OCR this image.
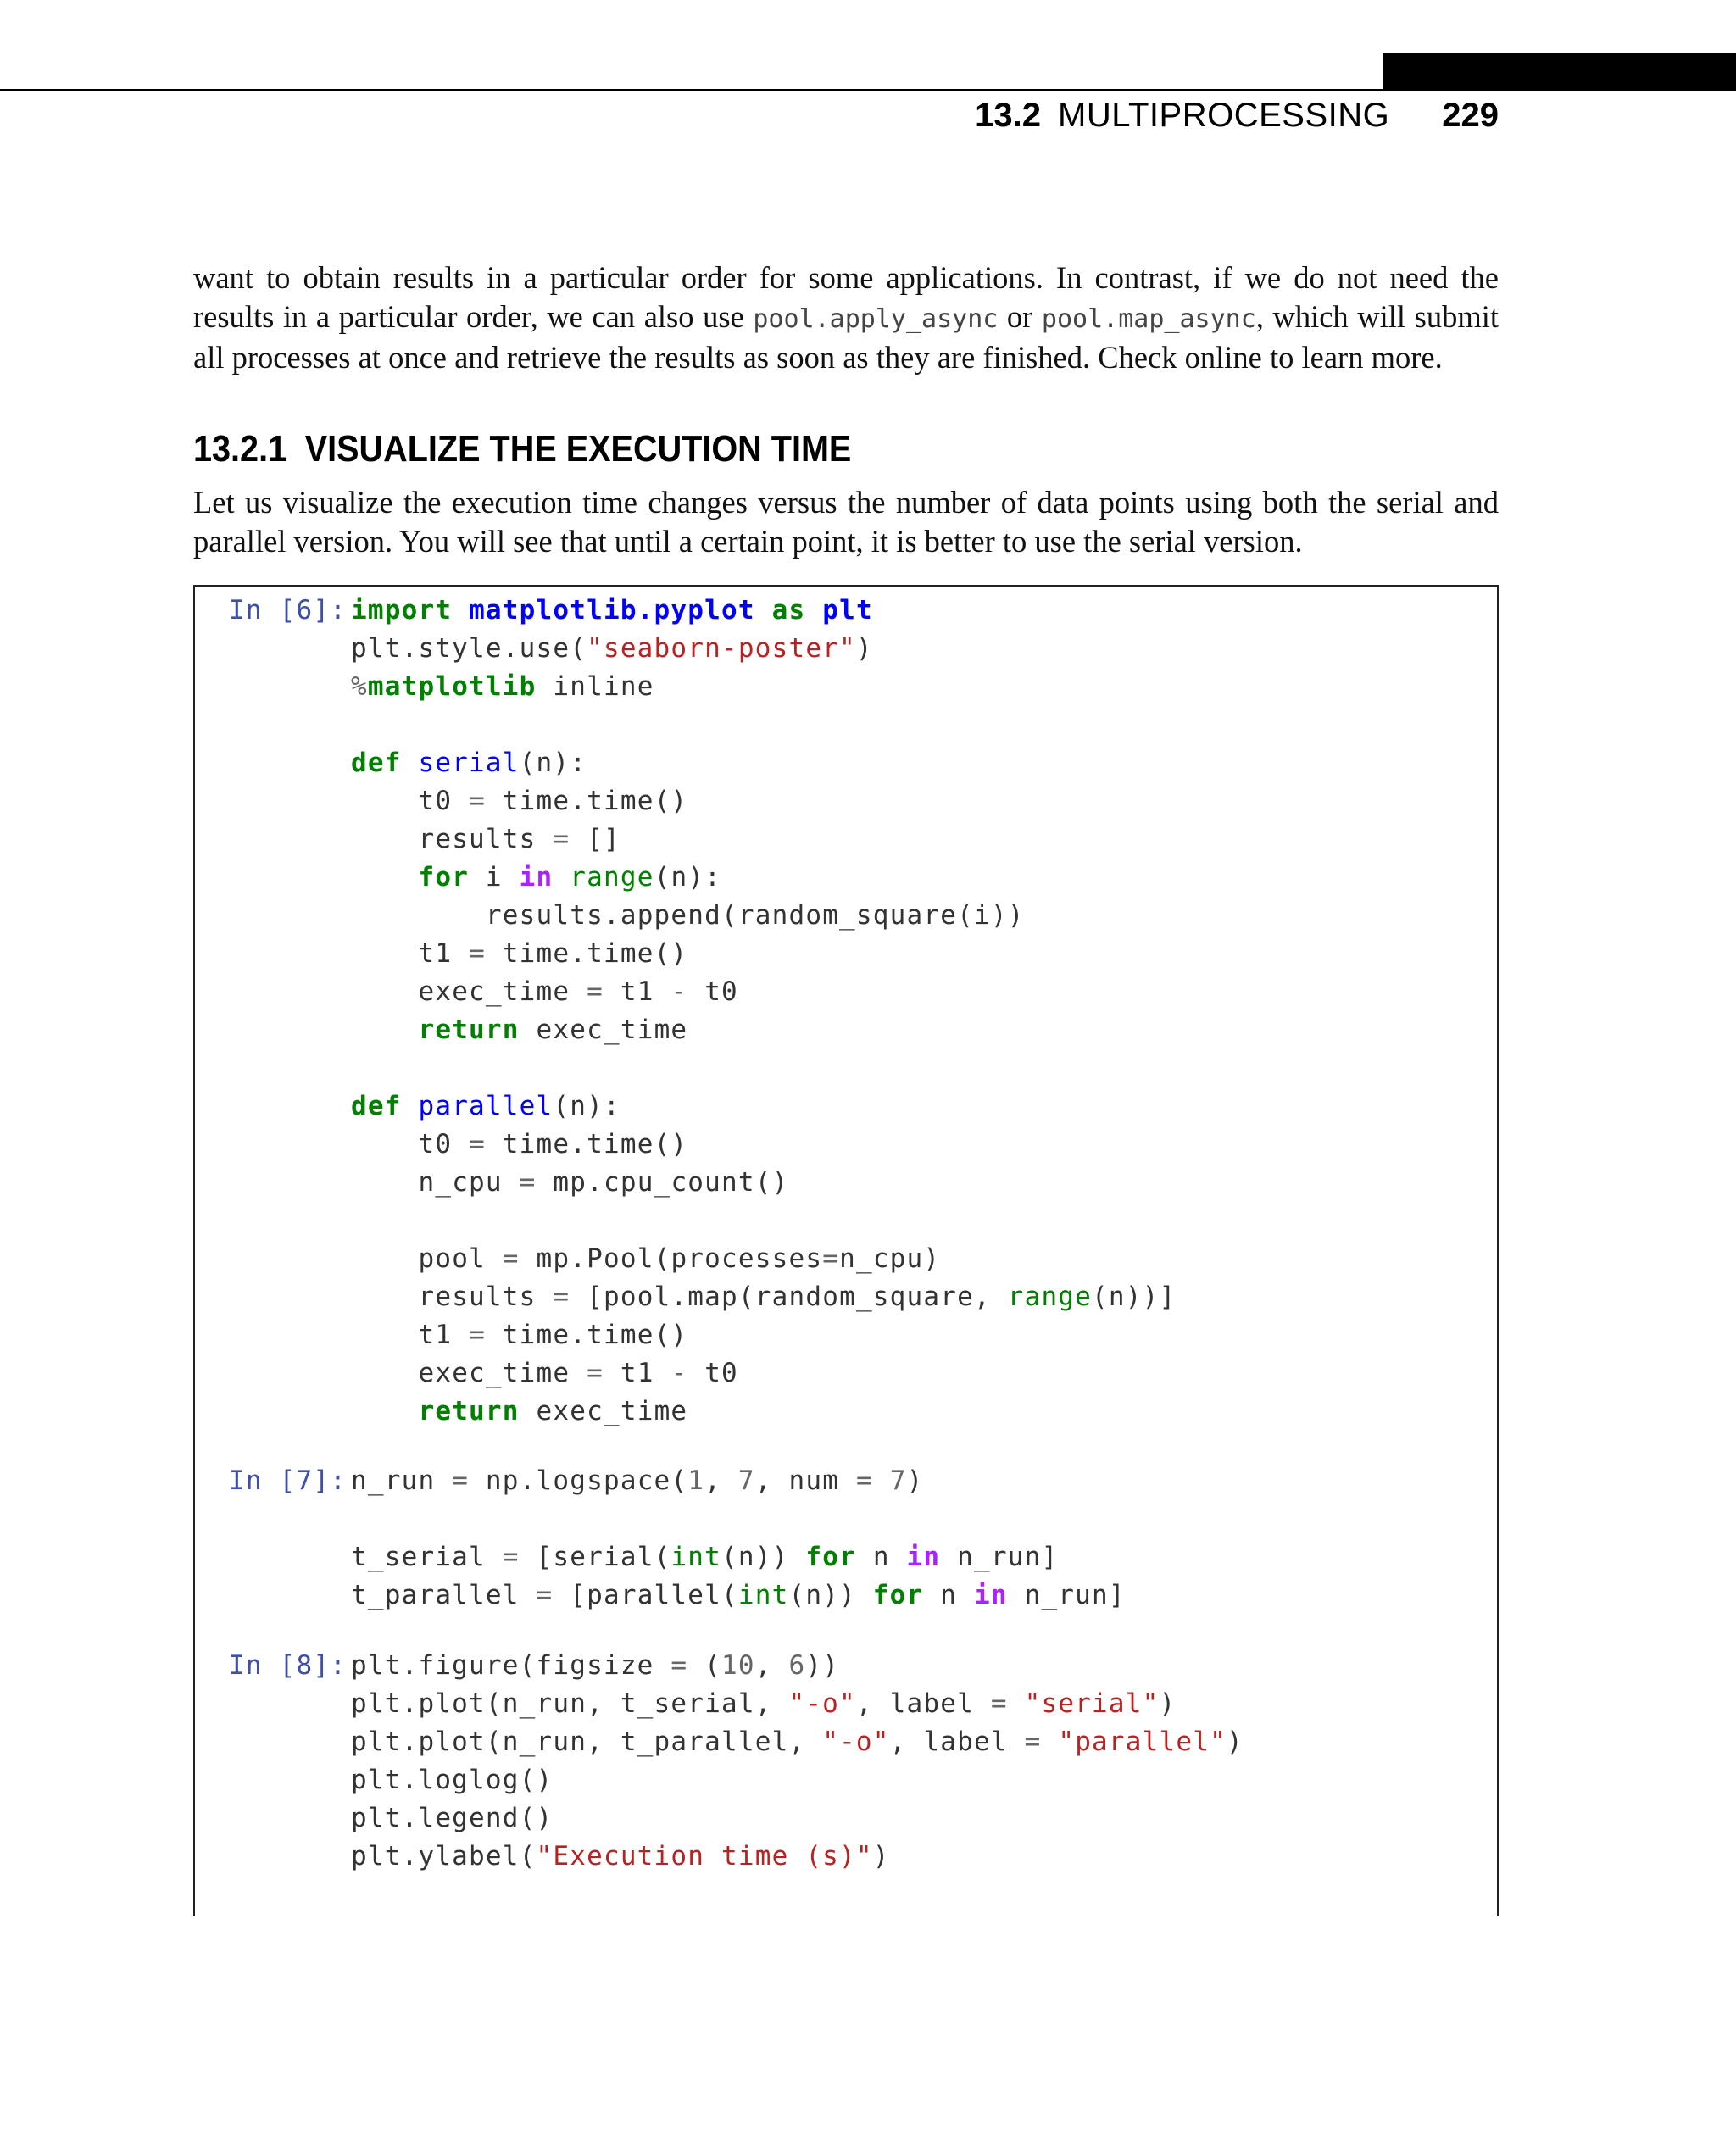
13.2 MULTIPROCESSING 229
want to obtain results in a particular order for some applications. In contrast, if we do not need the
results in a particular order, we can also use pool.apply_async or pool.map_async, which will submit
all processes at once and retrieve the results as soon as they are finished. Check online to learn more.
13.2.1 VISUALIZE THE EXECUTION TIME
Let us visualize the execution time changes versus the number of data points using both the serial and
parallel version. You will see that until a certain point, it is better to use the serial version.
In [6]: import matplotlib.pyplot as plt
plt.style.use("seaborn-poster")
%matplotlib inline
def serial(n):
t0 = time.time()
results = []
for i in range(n):
results.append(random_square(i))
t1 = time.time()
exec_time = t1 - t0
return exec_time
def parallel(n):
t0 = time.time()
n_cpu = mp.cpu_count()
pool = mp.Pool(processes=n_cpu)
results = [pool.map(random_square, range(n))]
t1 = time.time()
exec_time = t1 - t0
return exec_time
In [7]: n_run = np.logspace(1, 7, num = 7)
t_serial = [serial(int(n)) for n in n_run]
t_parallel = [parallel(int(n)) for n in n_run]
In [8]: plt.figure(figsize = (10, 6))
plt.plot(n_run, t_serial, "-o", label = "serial")
plt.plot(n_run, t_parallel, "-o", label = "parallel")
plt.loglog()
plt.legend()
plt.ylabel("Execution time (s)")
